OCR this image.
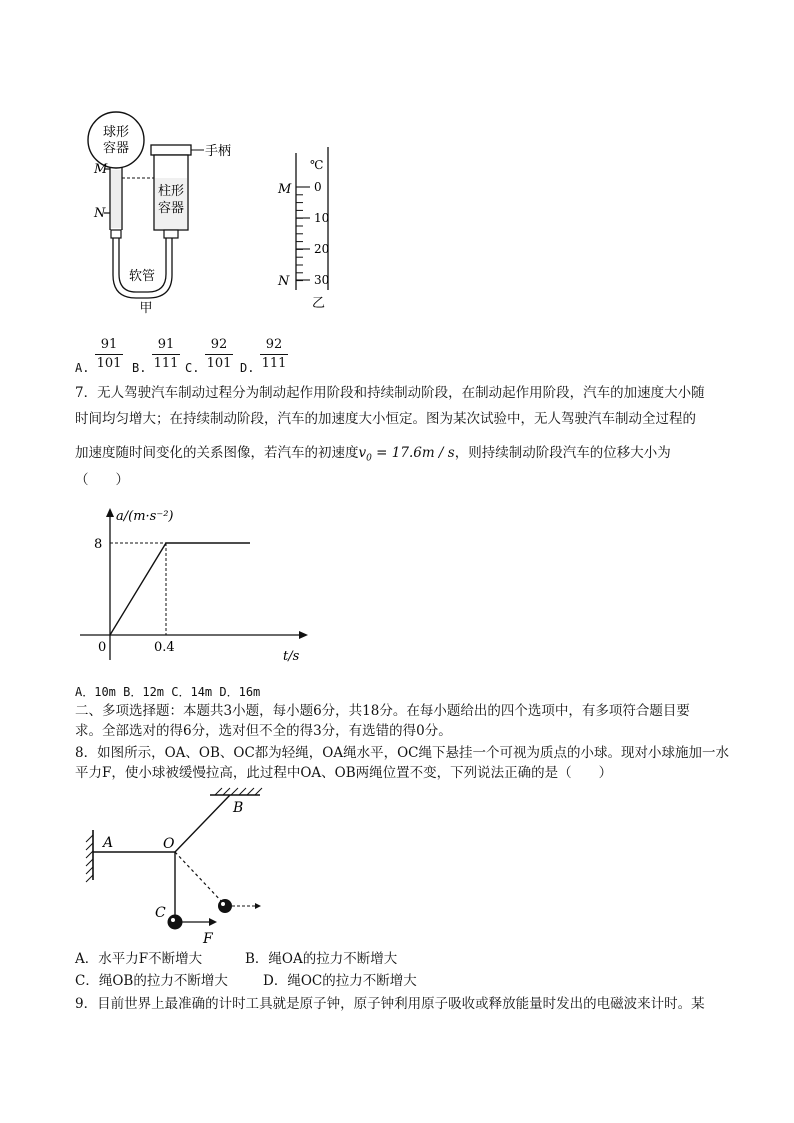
球形
容器
M
N
软管
柱形
容器
手柄
甲
℃
M
N
0
10
20
30
乙
A.
91
101 B.
91
111 C.
92
101 D.
92
111
7．无人驾驶汽车制动过程分为制动起作用阶段和持续制动阶段，在制动起作用阶段，汽车的加速度大小随
时间均匀增大；在持续制动阶段，汽车的加速度大小恒定。图为某次试验中，无人驾驶汽车制动全过程的
加速度随时间变化的关系图像，若汽车的初速度$v_0 = 17.6m / s$，则持续制动阶段汽车的位移大小为
（　　）
a/(m·s⁻²)
t/s
0
8
0.4
A．10m B．12m C．14m D．16m
二、多项选择题：本题共3小题，每小题6分，共18分。在每小题给出的四个选项中，有多项符合题目要
求。全部选对的得6分，选对但不全的得3分，有选错的得0分。
8．如图所示，OA、OB、OC都为轻绳，OA绳水平，OC绳下悬挂一个可视为质点的小球。现对小球施加一水
平力F，使小球被缓慢拉高，此过程中OA、OB两绳位置不变，下列说法正确的是（　　）
A
B
O
C
F
A．水平力F不断增大	B．绳OA的拉力不断增大
C．绳OB的拉力不断增大	D．绳OC的拉力不断增大
9．目前世界上最准确的计时工具就是原子钟，原子钟利用原子吸收或释放能量时发出的电磁波来计时。某
